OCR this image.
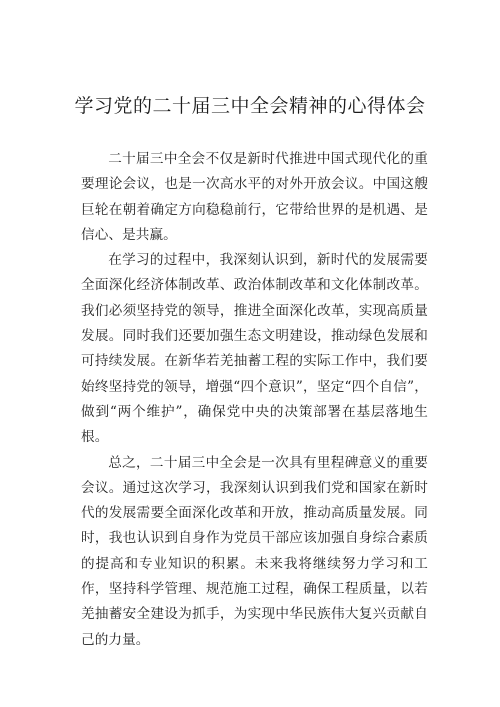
学习党的二十届三中全会精神的心得体会

二十届三中全会不仅是新时代推进中国式现代化的重要理论会议，也是一次高水平的对外开放会议。中国这艘巨轮在朝着确定方向稳稳前行，它带给世界的是机遇、是信心、是共赢。

在学习的过程中，我深刻认识到，新时代的发展需要全面深化经济体制改革、政治体制改革和文化体制改革。我们必须坚持党的领导，推进全面深化改革，实现高质量发展。同时我们还要加强生态文明建设，推动绿色发展和可持续发展。在新华若羌抽蓄工程的实际工作中，我们要始终坚持党的领导，增强“四个意识”，坚定“四个自信”，做到“两个维护”，确保党中央的决策部署在基层落地生根。

总之，二十届三中全会是一次具有里程碑意义的重要会议。通过这次学习，我深刻认识到我们党和国家在新时代的发展需要全面深化改革和开放，推动高质量发展。同时，我也认识到自身作为党员干部应该加强自身综合素质的提高和专业知识的积累。未来我将继续努力学习和工作，坚持科学管理、规范施工过程，确保工程质量，以若羌抽蓄安全建设为抓手，为实现中华民族伟大复兴贡献自己的力量。
